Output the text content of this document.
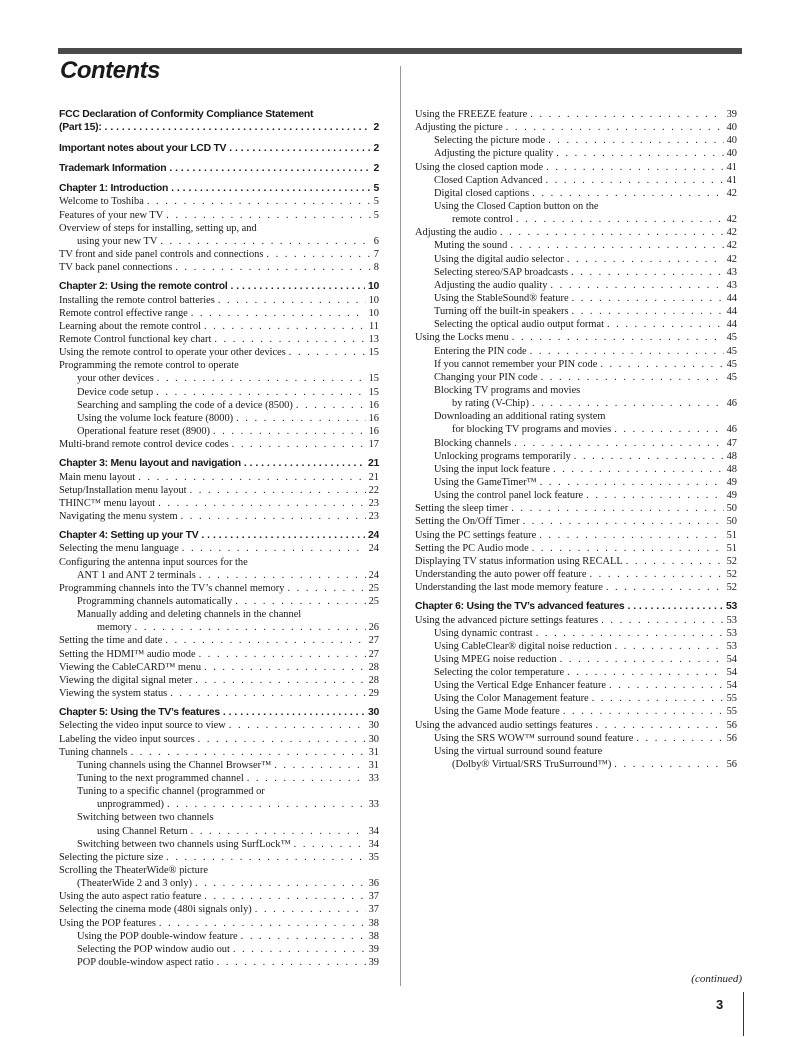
Contents
FCC Declaration of Conformity Compliance Statement
(Part 15): . .	2
Important notes about your LCD TV . .	2
Trademark Information . .	2
Chapter 1: Introduction . .	5
Welcome to Toshiba . . .	5
Features of your new TV . . .	5
Overview of steps for installing, setting up, and
using your new TV . . .	6
TV front and side panel controls and connections . . .	7
TV back panel connections . . .	8
Chapter 2: Using the remote control . .	10
Installing the remote control batteries . . .	10
Remote control effective range . . .	10
Learning about the remote control . . .	11
Remote Control functional key chart . . .	13
Using the remote control to operate your other devices . . .	15
Programming the remote control to operate
your other devices . . .	15
Device code setup . . .	15
Searching and sampling the code of a device (8500) . . .	16
Using the volume lock feature (8000) . . .	16
Operational feature reset (8900) . . .	16
Multi-brand remote control device codes . . .	17
Chapter 3: Menu layout and navigation . .	21
Main menu layout . . .	21
Setup/Installation menu layout . . .	22
THINC™ menu layout . . .	23
Navigating the menu system . . .	23
Chapter 4: Setting up your TV . .	24
Selecting the menu language . . .	24
Configuring the antenna input sources for the
ANT 1 and ANT 2 terminals . . .	24
Programming channels into the TV’s channel memory . . .	25
Programming channels automatically . . .	25
Manually adding and deleting channels in the channel
memory . . .	26
Setting the time and date . . .	27
Setting the HDMI™ audio mode . . .	27
Viewing the CableCARD™ menu . . .	28
Viewing the digital signal meter . . .	28
Viewing the system status . . .	29
Chapter 5: Using the TV’s features . .	30
Selecting the video input source to view . . .	30
Labeling the video input sources . . .	30
Tuning channels . . .	31
Tuning channels using the Channel Browser™ . . .	31
Tuning to the next programmed channel . . .	33
Tuning to a specific channel (programmed or
unprogrammed) . . .	33
Switching between two channels
using Channel Return . . .	34
Switching between two channels using SurfLock™ . . .	34
Selecting the picture size . . .	35
Scrolling the TheaterWide® picture
(TheaterWide 2 and 3 only) . . .	36
Using the auto aspect ratio feature . . .	37
Selecting the cinema mode (480i signals only) . . .	37
Using the POP features . . .	38
Using the POP double-window feature . . .	38
Selecting the POP window audio out . . .	39
POP double-window aspect ratio . . .	39
Using the FREEZE feature . . .	39
Adjusting the picture . . .	40
Selecting the picture mode . . .	40
Adjusting the picture quality . . .	40
Using the closed caption mode . . .	41
Closed Caption Advanced . . .	41
Digital closed captions . . .	42
Using the Closed Caption button on the
remote control . . .	42
Adjusting the audio . . .	42
Muting the sound . . .	42
Using the digital audio selector . . .	42
Selecting stereo/SAP broadcasts . . .	43
Adjusting the audio quality . . .	43
Using the StableSound® feature . . .	44
Turning off the built-in speakers . . .	44
Selecting the optical audio output format . . .	44
Using the Locks menu . . .	45
Entering the PIN code . . .	45
If you cannot remember your PIN code . . .	45
Changing your PIN code . . .	45
Blocking TV programs and movies
by rating (V-Chip) . . .	46
Downloading an additional rating system
for blocking TV programs and movies . . .	46
Blocking channels . . .	47
Unlocking programs temporarily . . .	48
Using the input lock feature . . .	48
Using the GameTimer™ . . .	49
Using the control panel lock feature . . .	49
Setting the sleep timer . . .	50
Setting the On/Off Timer . . .	50
Using the PC settings feature . . .	51
Setting the PC Audio mode . . .	51
Displaying TV status information using RECALL . . .	52
Understanding the auto power off feature . . .	52
Understanding the last mode memory feature . . .	52
Chapter 6: Using the TV’s advanced features . .	53
Using the advanced picture settings features . . .	53
Using dynamic contrast . . .	53
Using CableClear® digital noise reduction . . .	53
Using MPEG noise reduction . . .	54
Selecting the color temperature . . .	54
Using the Vertical Edge Enhancer feature . . .	54
Using the Color Management feature . . .	55
Using the Game Mode feature . . .	55
Using the advanced audio settings features . . .	56
Using the SRS WOW™ surround sound feature . . .	56
Using the virtual surround sound feature
(Dolby® Virtual/SRS TruSurround™) . . .	56
(continued)
3
